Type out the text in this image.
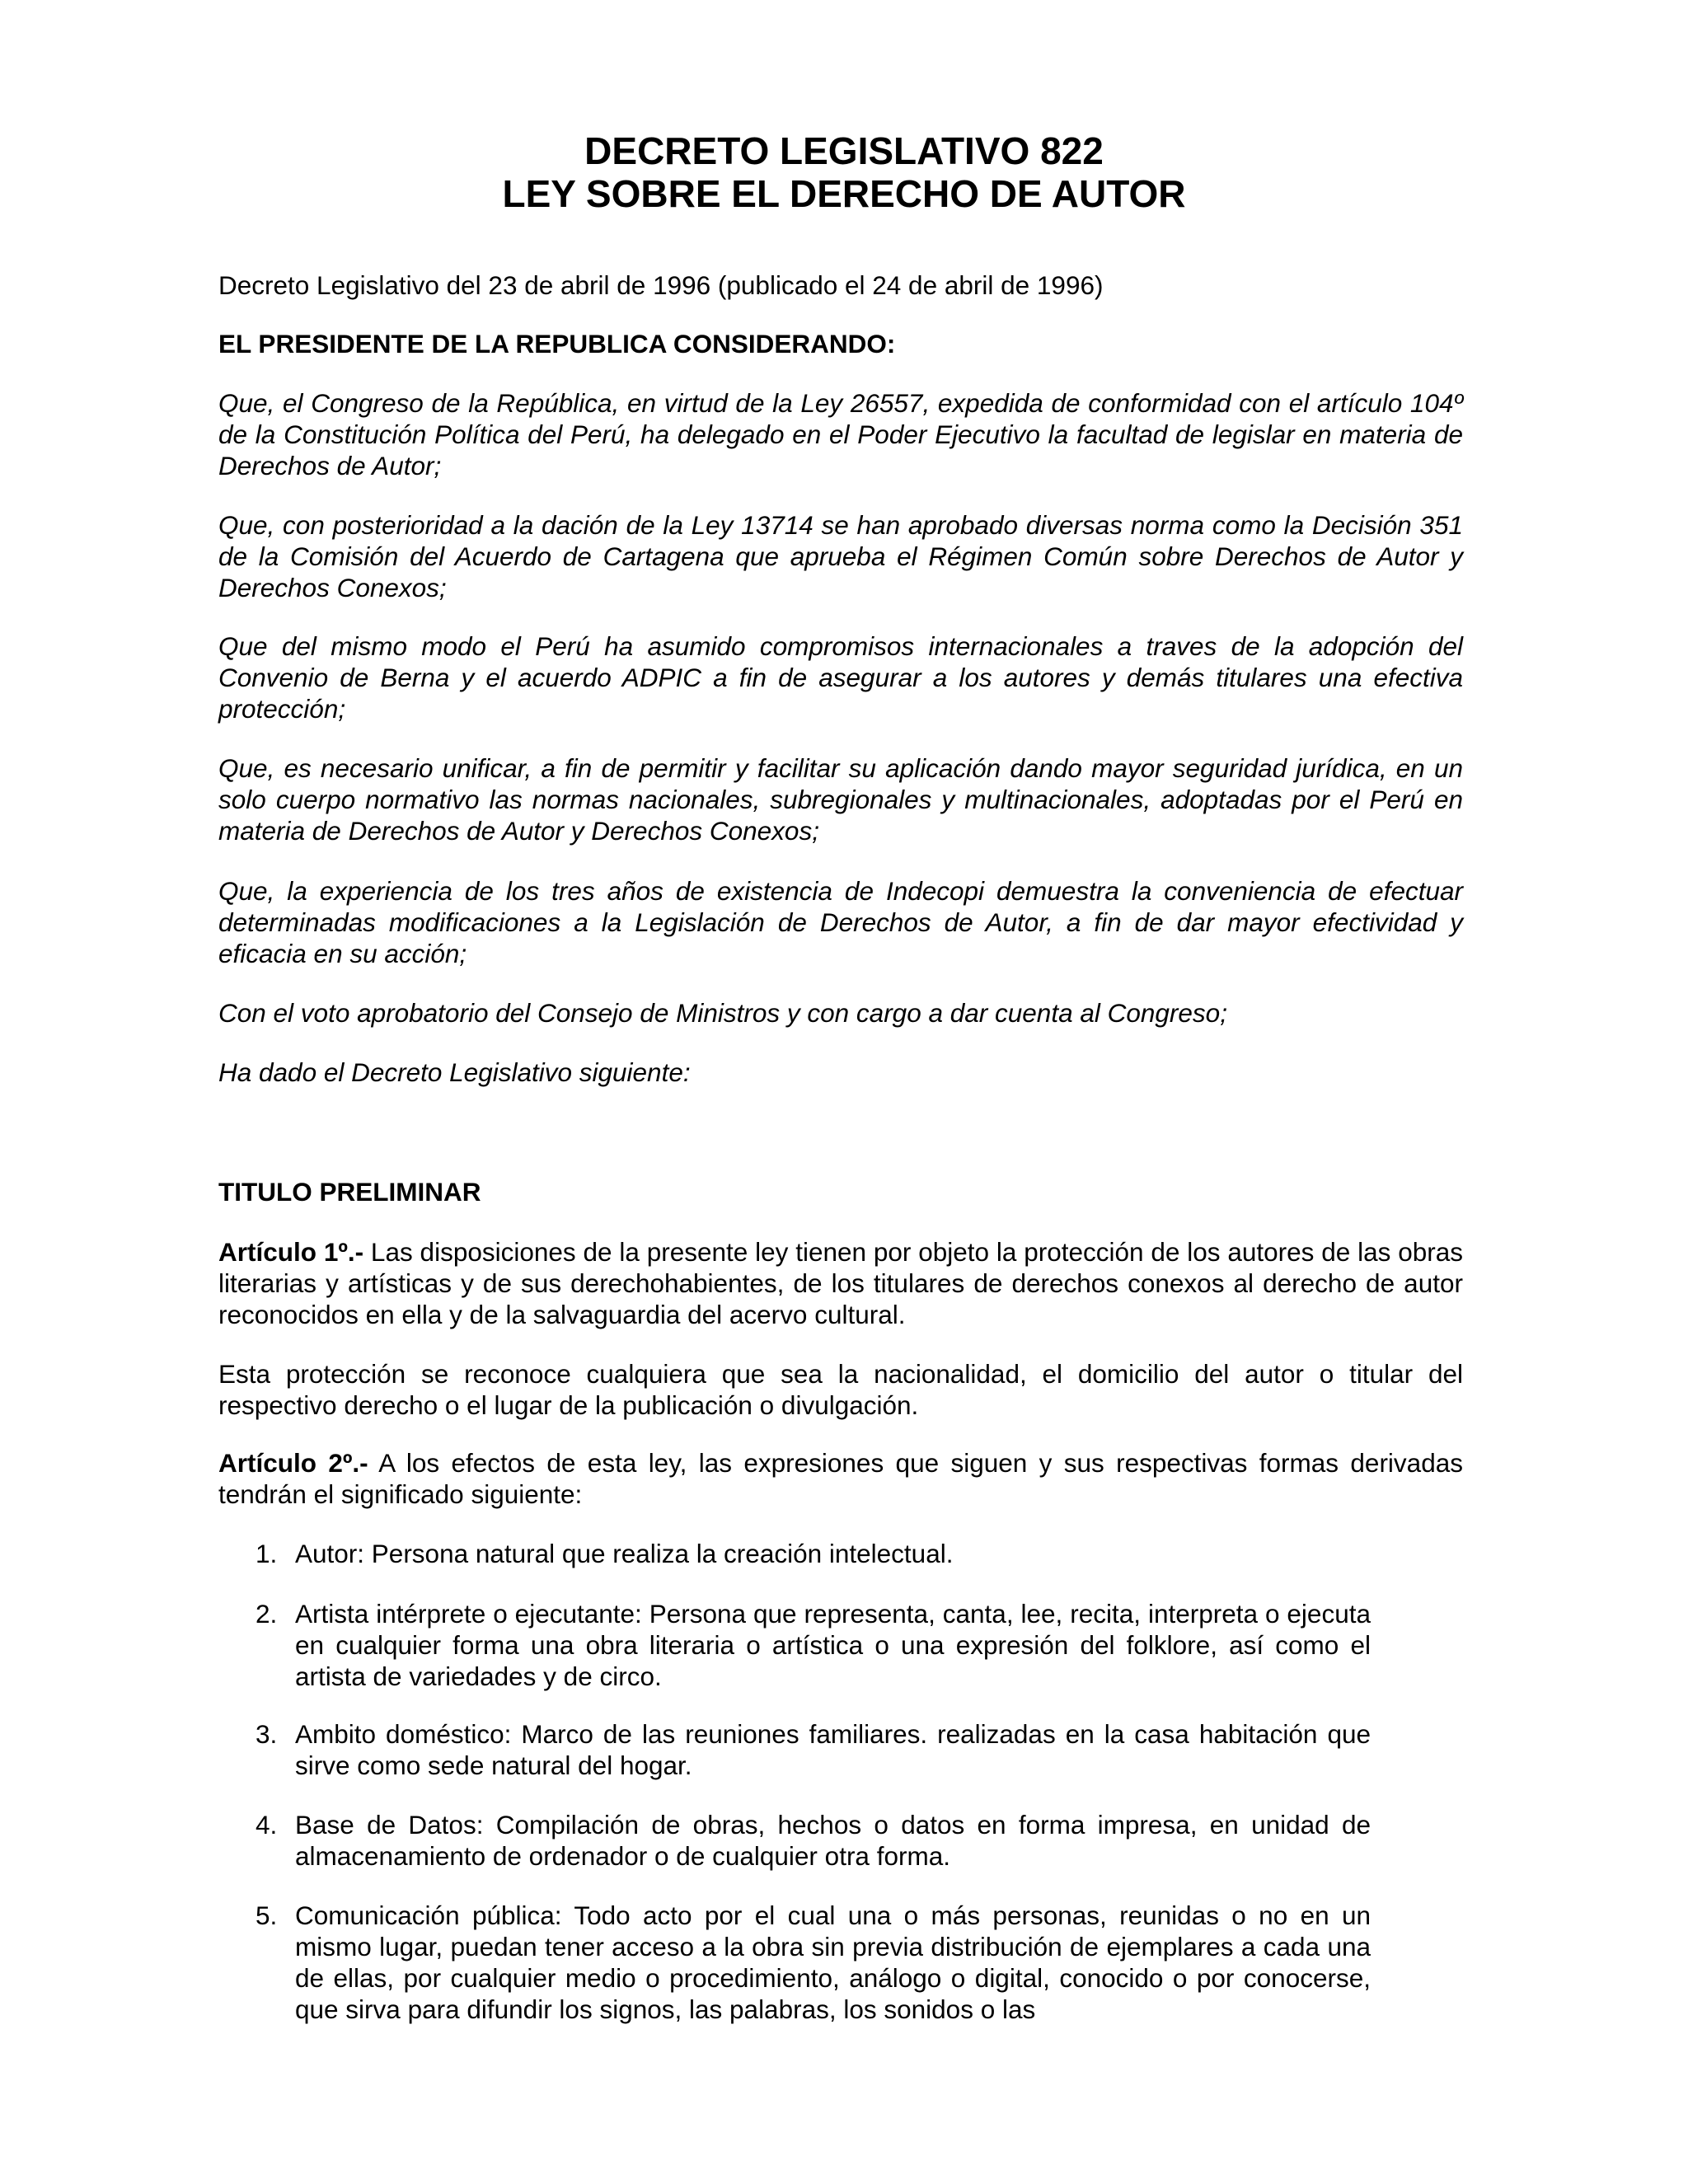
DECRETO LEGISLATIVO 822
LEY SOBRE EL DERECHO DE AUTOR

Decreto Legislativo del 23 de abril de 1996 (publicado el 24 de abril de 1996)

EL PRESIDENTE DE LA REPUBLICA CONSIDERANDO:

Que, el Congreso de la República, en virtud de la Ley 26557, expedida de conformidad con el artículo 104º de la Constitución Política del Perú, ha delegado en el Poder Ejecutivo la facultad de legislar en materia de Derechos de Autor;

Que, con posterioridad a la dación de la Ley 13714 se han aprobado diversas norma como la Decisión 351 de la Comisión del Acuerdo de Cartagena que aprueba el Régimen Común sobre Derechos de Autor y Derechos Conexos;

Que del mismo modo el Perú ha asumido compromisos internacionales a traves de la adopción del Convenio de Berna y el acuerdo ADPIC a fin de asegurar a los autores y demás titulares una efectiva protección;

Que, es necesario unificar, a fin de permitir y facilitar su aplicación dando mayor seguridad jurídica, en un solo cuerpo normativo las normas nacionales, subregionales y multinacionales, adoptadas por el Perú en materia de Derechos de Autor y Derechos Conexos;

Que, la experiencia de los tres años de existencia de Indecopi demuestra la conveniencia de efectuar determinadas modificaciones a la Legislación de Derechos de Autor, a fin de dar mayor efectividad y eficacia en su acción;

Con el voto aprobatorio del Consejo de Ministros y con cargo a dar cuenta al Congreso;

Ha dado el Decreto Legislativo siguiente:

TITULO PRELIMINAR

Artículo 1º.- Las disposiciones de la presente ley tienen por objeto la protección de los autores de las obras literarias y artísticas y de sus derechohabientes, de los titulares de derechos conexos al derecho de autor reconocidos en ella y de la salvaguardia del acervo cultural.

Esta protección se reconoce cualquiera que sea la nacionalidad, el domicilio del autor o titular del respectivo derecho o el lugar de la publicación o divulgación.

Artículo 2º.- A los efectos de esta ley, las expresiones que siguen y sus respectivas formas derivadas tendrán el significado siguiente:

1. Autor: Persona natural que realiza la creación intelectual.
2. Artista intérprete o ejecutante: Persona que representa, canta, lee, recita, interpreta o ejecuta en cualquier forma una obra literaria o artística o una expresión del folklore, así como el artista de variedades y de circo.
3. Ambito doméstico: Marco de las reuniones familiares. realizadas en la casa habitación que sirve como sede natural del hogar.
4. Base de Datos: Compilación de obras, hechos o datos en forma impresa, en unidad de almacenamiento de ordenador o de cualquier otra forma.
5. Comunicación pública: Todo acto por el cual una o más personas, reunidas o no en un mismo lugar, puedan tener acceso a la obra sin previa distribución de ejemplares a cada una de ellas, por cualquier medio o procedimiento, análogo o digital, conocido o por conocerse, que sirva para difundir los signos, las palabras, los sonidos o las
